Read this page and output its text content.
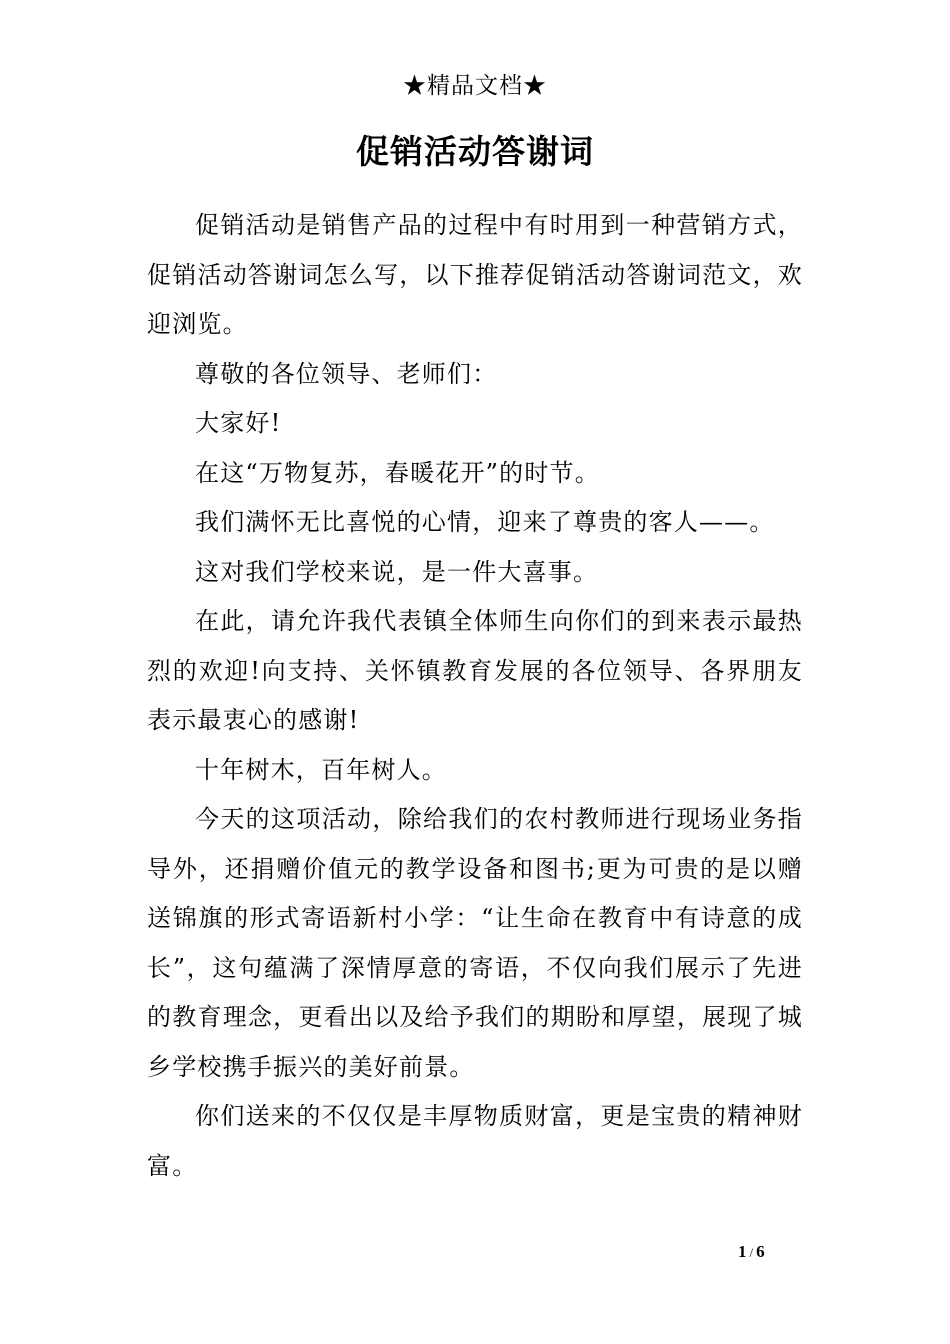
★精品文档★
促销活动答谢词

促销活动是销售产品的过程中有时用到一种营销方式，促销活动答谢词怎么写，以下推荐促销活动答谢词范文，欢迎浏览。

尊敬的各位领导、老师们：

大家好!

在这“万物复苏，春暖花开”的时节。

我们满怀无比喜悦的心情，迎来了尊贵的客人——。

这对我们学校来说，是一件大喜事。

在此，请允许我代表镇全体师生向你们的到来表示最热烈的欢迎!向支持、关怀镇教育发展的各位领导、各界朋友表示最衷心的感谢!

十年树木，百年树人。

今天的这项活动，除给我们的农村教师进行现场业务指导外，还捐赠价值元的教学设备和图书;更为可贵的是以赠送锦旗的形式寄语新村小学：“让生命在教育中有诗意的成长”，这句蕴满了深情厚意的寄语，不仅向我们展示了先进的教育理念，更看出以及给予我们的期盼和厚望，展现了城乡学校携手振兴的美好前景。

你们送来的不仅仅是丰厚物质财富，更是宝贵的精神财富。

1 / 6
